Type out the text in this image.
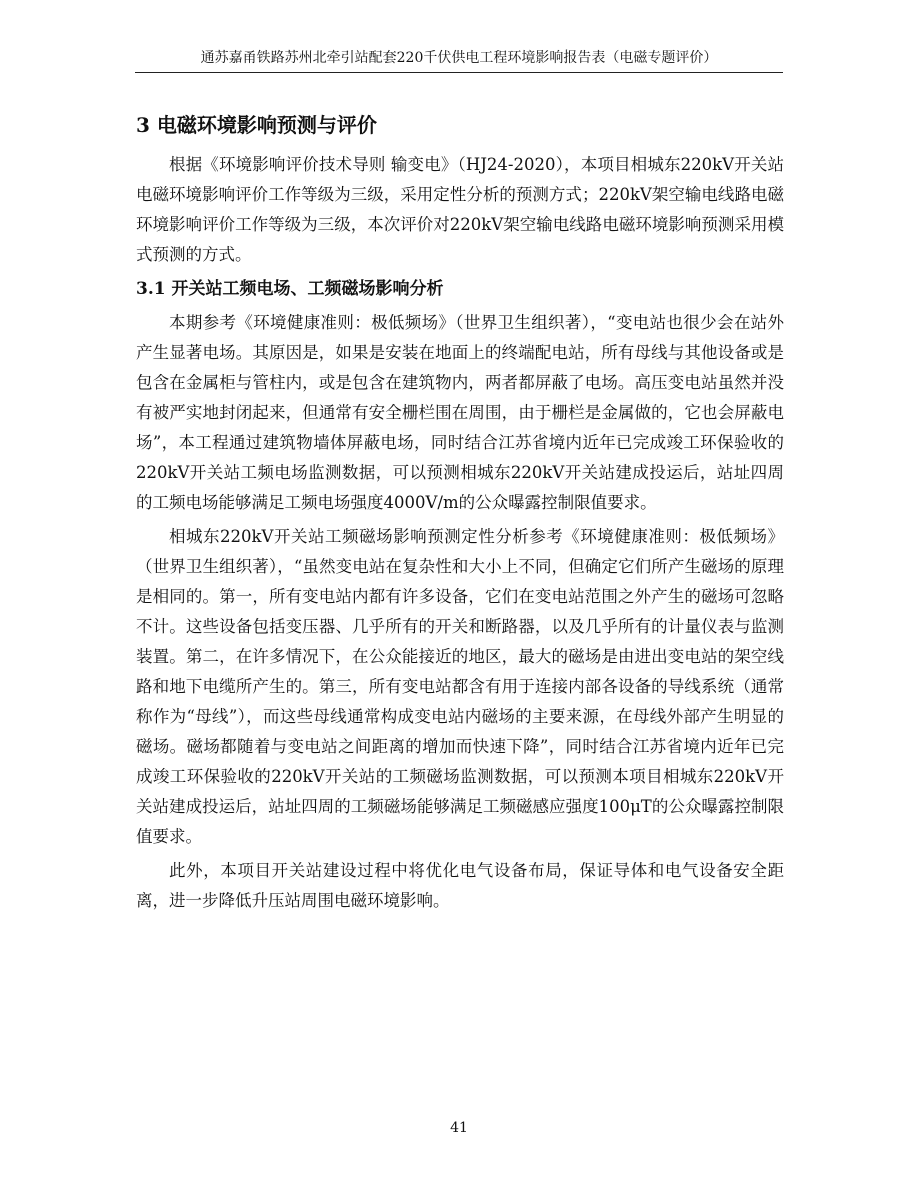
通苏嘉甬铁路苏州北牵引站配套220千伏供电工程环境影响报告表（电磁专题评价）
3 电磁环境影响预测与评价

根据《环境影响评价技术导则 输变电》（HJ24-2020），本项目相城东220kV开关站电磁环境影响评价工作等级为三级，采用定性分析的预测方式；220kV架空输电线路电磁环境影响评价工作等级为三级，本次评价对220kV架空输电线路电磁环境影响预测采用模式预测的方式。

3.1 开关站工频电场、工频磁场影响分析

本期参考《环境健康准则：极低频场》（世界卫生组织著），“变电站也很少会在站外产生显著电场。其原因是，如果是安装在地面上的终端配电站，所有母线与其他设备或是包含在金属柜与管柱内，或是包含在建筑物内，两者都屏蔽了电场。高压变电站虽然并没有被严实地封闭起来，但通常有安全栅栏围在周围，由于栅栏是金属做的，它也会屏蔽电场”，本工程通过建筑物墙体屏蔽电场，同时结合江苏省境内近年已完成竣工环保验收的220kV开关站工频电场监测数据，可以预测相城东220kV开关站建成投运后，站址四周的工频电场能够满足工频电场强度4000V/m的公众曝露控制限值要求。

相城东220kV开关站工频磁场影响预测定性分析参考《环境健康准则：极低频场》（世界卫生组织著），“虽然变电站在复杂性和大小上不同，但确定它们所产生磁场的原理是相同的。第一，所有变电站内都有许多设备，它们在变电站范围之外产生的磁场可忽略不计。这些设备包括变压器、几乎所有的开关和断路器，以及几乎所有的计量仪表与监测装置。第二，在许多情况下，在公众能接近的地区，最大的磁场是由进出变电站的架空线路和地下电缆所产生的。第三，所有变电站都含有用于连接内部各设备的导线系统（通常称作为“母线”），而这些母线通常构成变电站内磁场的主要来源，在母线外部产生明显的磁场。磁场都随着与变电站之间距离的增加而快速下降”，同时结合江苏省境内近年已完成竣工环保验收的220kV开关站的工频磁场监测数据，可以预测本项目相城东220kV开关站建成投运后，站址四周的工频磁场能够满足工频磁感应强度100μT的公众曝露控制限值要求。

此外，本项目开关站建设过程中将优化电气设备布局，保证导体和电气设备安全距离，进一步降低升压站周围电磁环境影响。

41
